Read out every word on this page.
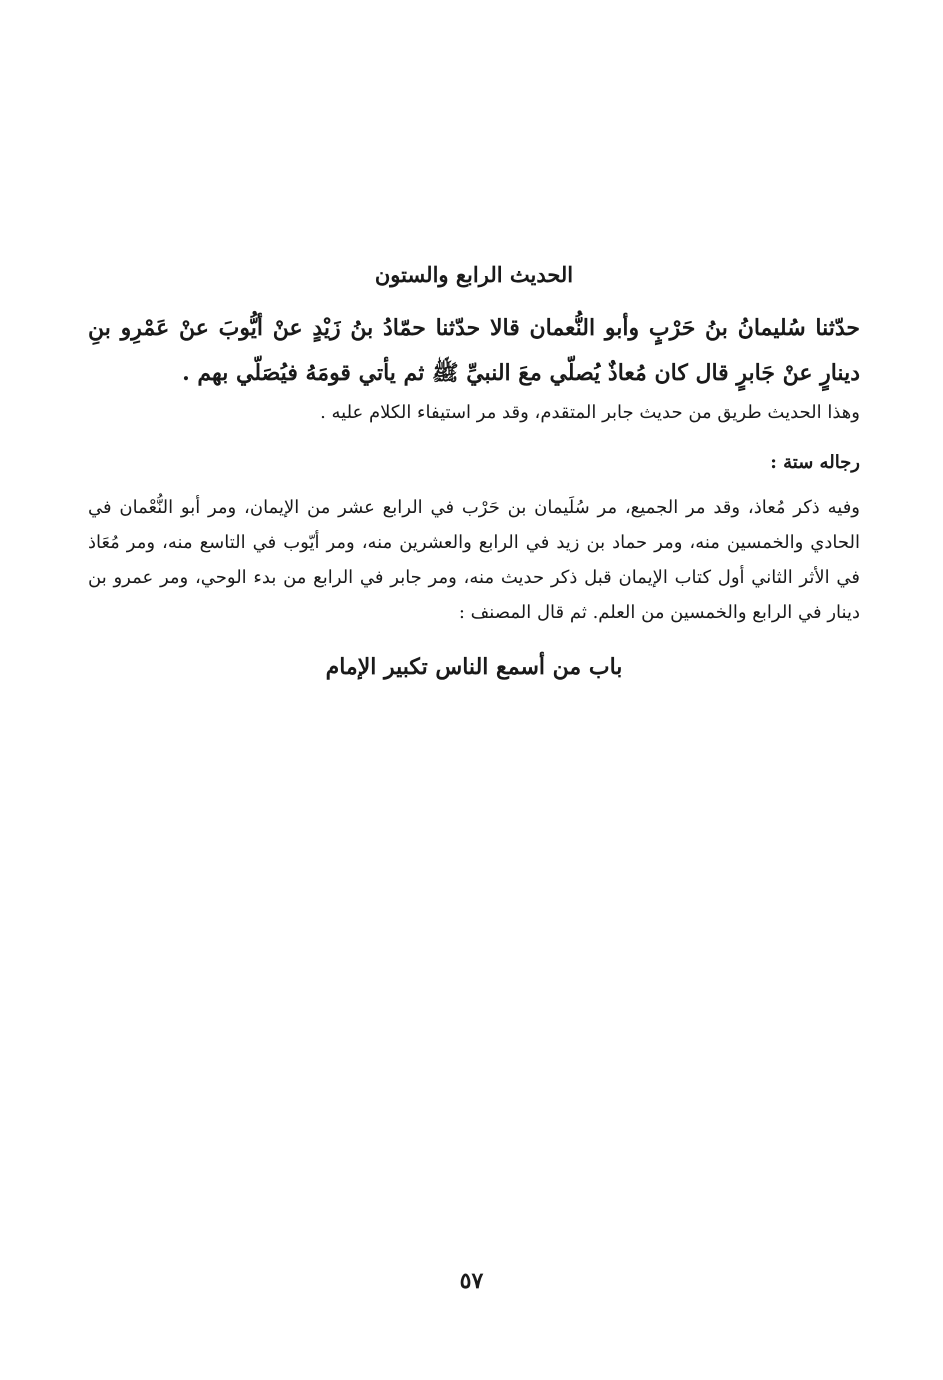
الحديث الرابع والستون
حدّثنا سُليمانُ بنُ حَرْبٍ وأبو النُّعمان قالا حدّثنا حمّادُ بنُ زَيْدٍ عنْ أيُّوبَ عنْ عَمْرِو بنِ دينارٍ عنْ جَابرٍ قال كان مُعاذٌ يُصلّي معَ النبيِّ ﷺ ثم يأتي قومَهُ فيُصَلّي بهم .
وهذا الحديث طريق من حديث جابر المتقدم، وقد مر استيفاء الكلام عليه .
رجاله ستة :
وفيه ذكر مُعاذ، وقد مر الجميع، مر سُلَيمان بن حَرْب في الرابع عشر من الإيمان، ومر أبو النُّعْمان في الحادي والخمسين منه، ومر حماد بن زيد في الرابع والعشرين منه، ومر أيّوب في التاسع منه، ومر مُعَاذ في الأثر الثاني أول كتاب الإيمان قبل ذكر حديث منه، ومر جابر في الرابع من بدء الوحي، ومر عمرو بن دينار في الرابع والخمسين من العلم. ثم قال المصنف :
باب من أسمع الناس تكبير الإمام
٥٧
